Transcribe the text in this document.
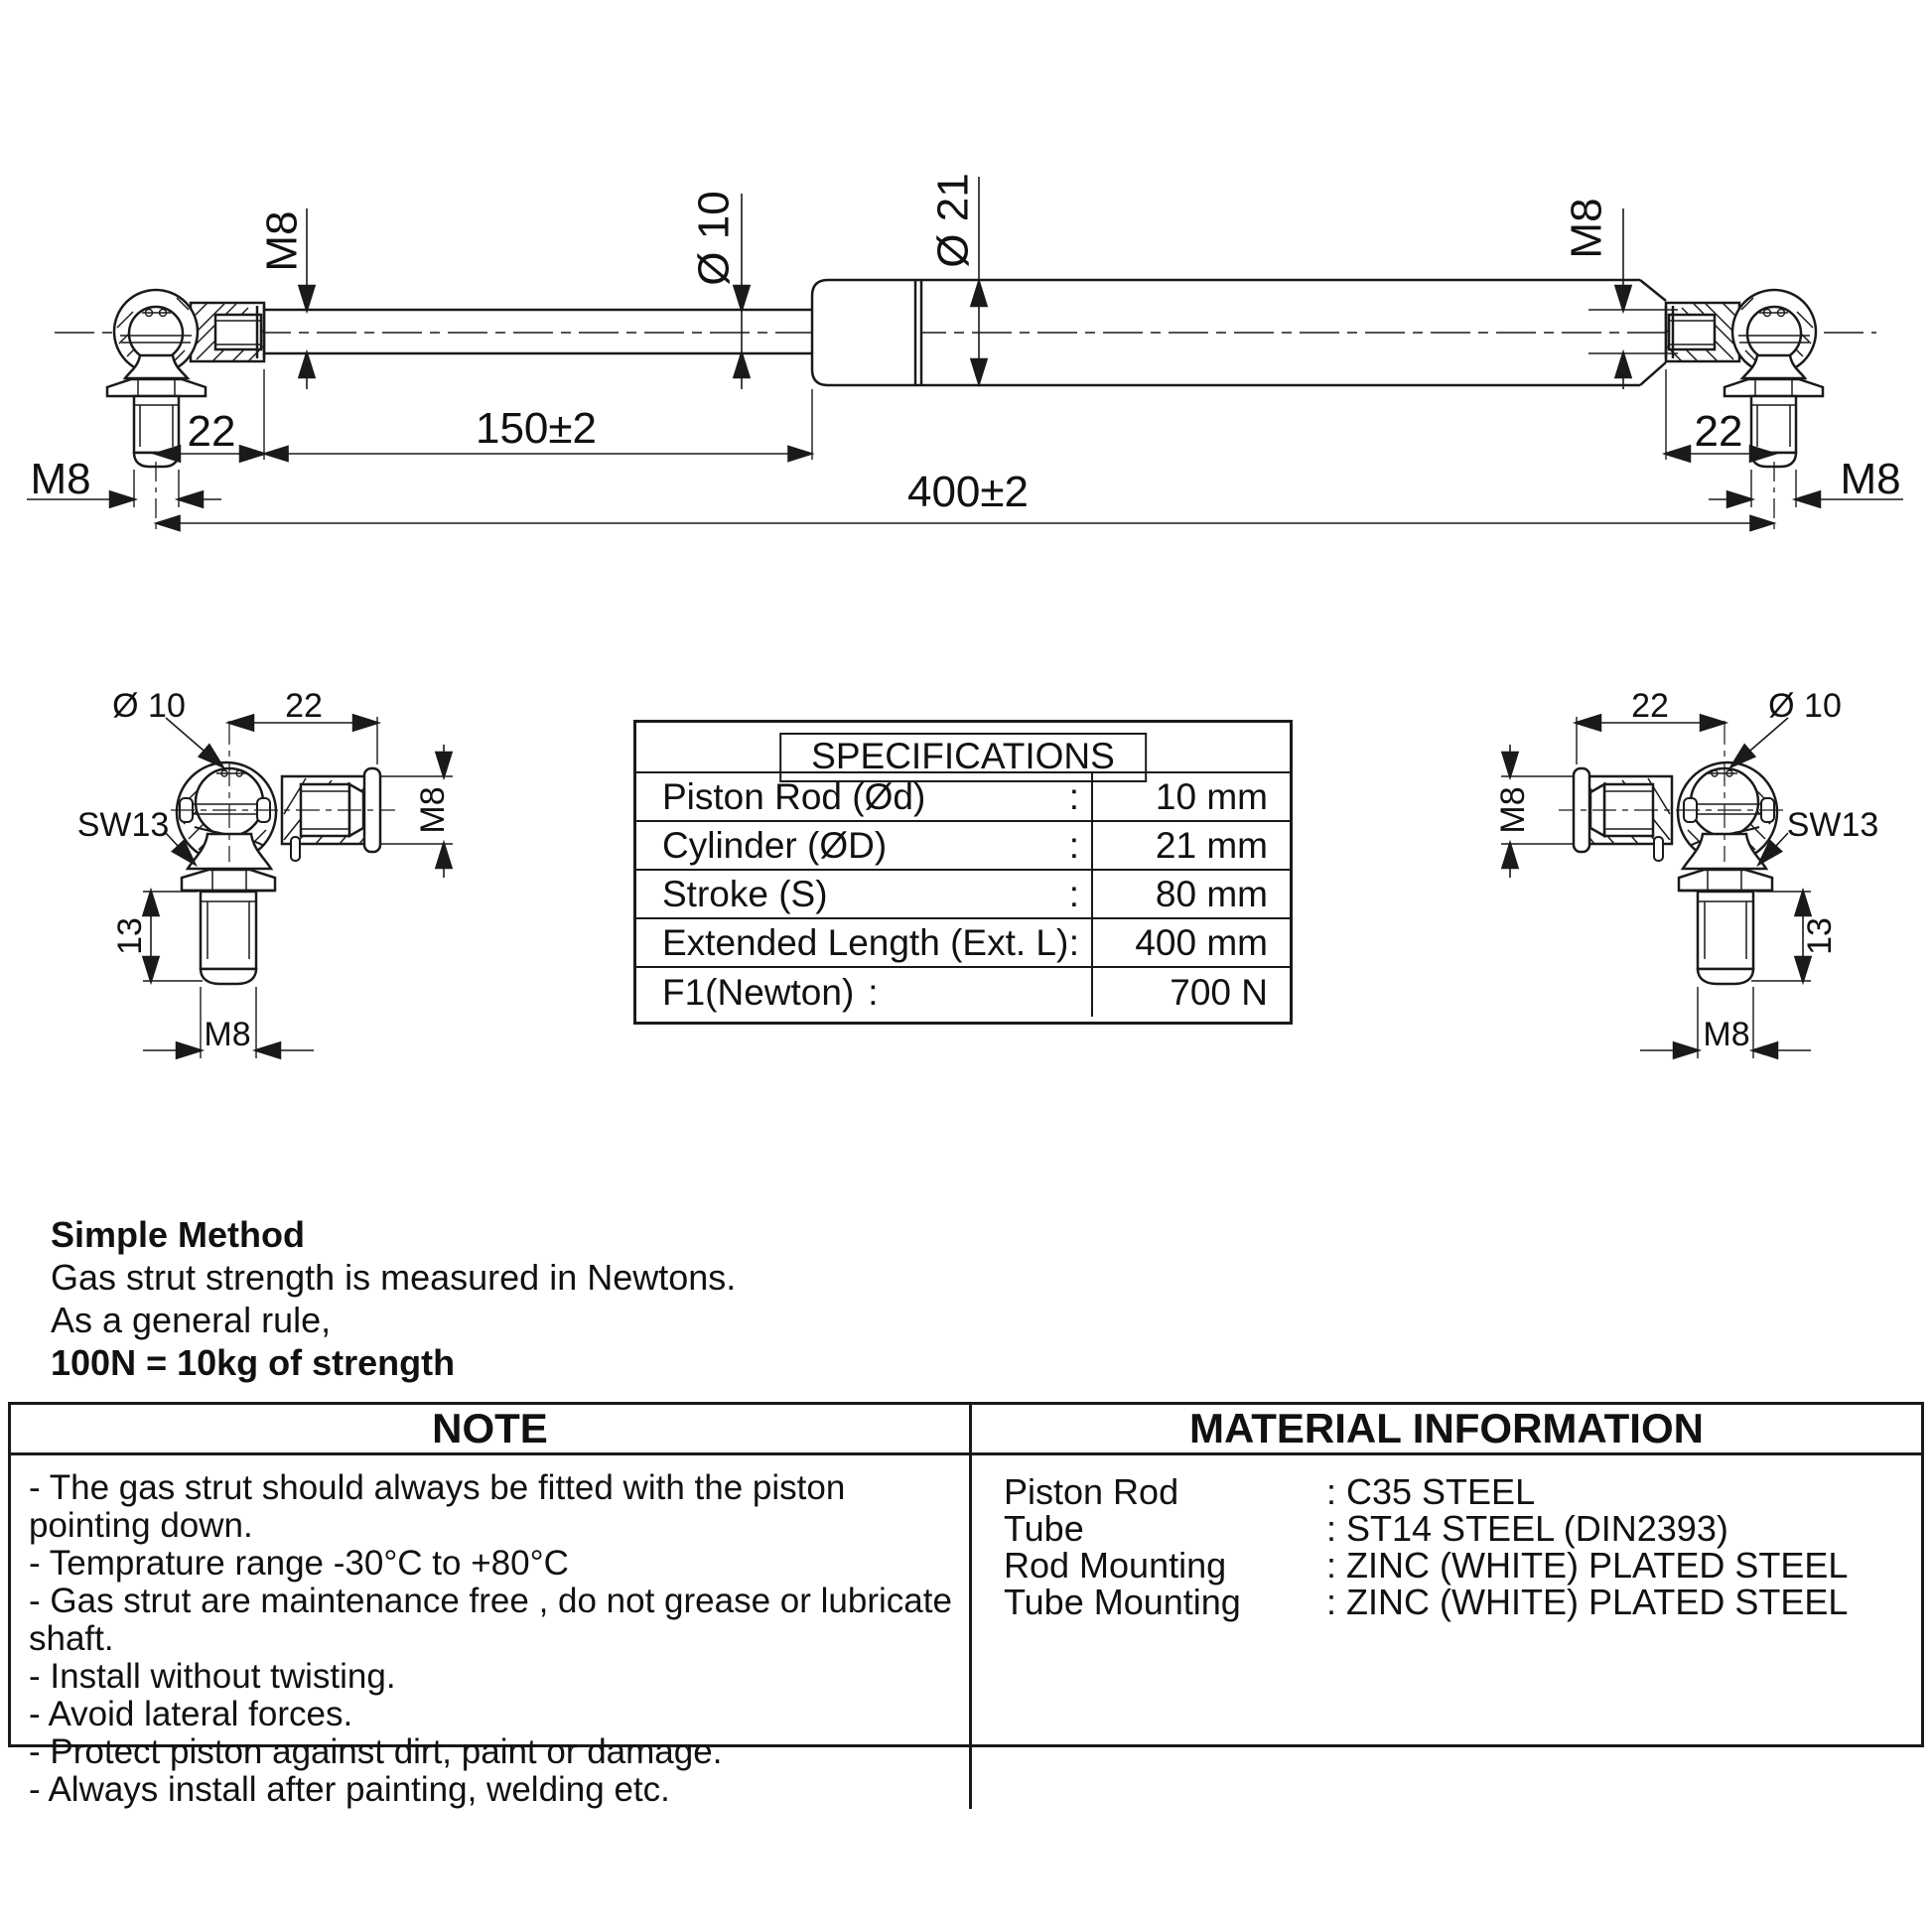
M8	Ø 10	Ø 21	M8
22	150±2
400±2
M8
22
M8
Ø 10	22
SW13	M8
13
M8
22	Ø 10
M8	SW13
13
M8
SPECIFICATIONS
Piston Rod (Ød)	:	10 mm
Cylinder (ØD)	:	21 mm
Stroke (S)	:	80 mm
Extended Length (Ext. L) :	400 mm
F1(Newton) :	700 N
Simple Method
Gas strut strength is measured in Newtons.
As a general rule,
100N = 10kg of strength
NOTE	MATERIAL INFORMATION
- The gas strut should always be fitted with the piston pointing down.
- Temprature range -30°C to +80°C
- Gas strut are maintenance free , do not grease or lubricate shaft.
- Install without twisting.
- Avoid lateral forces.
- Protect piston against dirt, paint or damage.
- Always install after painting, welding etc.
Piston Rod	: C35 STEEL
Tube	: ST14 STEEL (DIN2393)
Rod Mounting	: ZINC (WHITE) PLATED STEEL
Tube Mounting	: ZINC (WHITE) PLATED STEEL
